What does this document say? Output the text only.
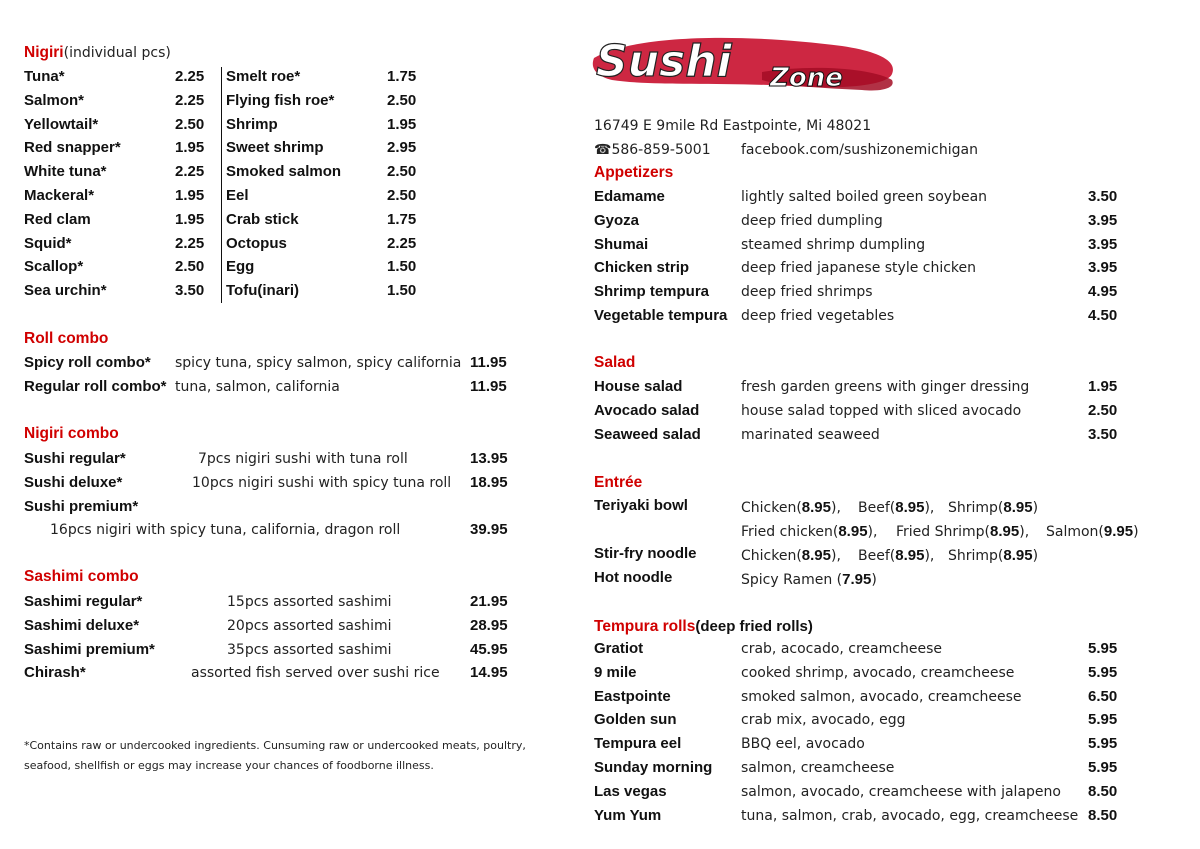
Nigiri(individual pcs)
Tuna*	2.25
Salmon*	2.25
Yellowtail*	2.50
Red snapper*	1.95
White tuna*	2.25
Mackeral*	1.95
Red clam	1.95
Squid*	2.25
Scallop*	2.50
Sea urchin*	3.50
Smelt roe*	1.75
Flying fish roe*	2.50
Shrimp	1.95
Sweet shrimp	2.95
Smoked salmon	2.50
Eel	2.50
Crab stick	1.75
Octopus	2.25
Egg	1.50
Tofu(inari)	1.50
Roll combo
Spicy roll combo* spicy tuna, spicy salmon, spicy california 11.95
Regular roll combo* tuna, salmon, california	11.95
Nigiri combo
Sushi regular*	7pcs nigiri sushi with tuna roll	13.95
Sushi deluxe*	10pcs nigiri sushi with spicy tuna roll 18.95
Sushi premium*
16pcs nigiri with spicy tuna, california, dragon roll	39.95
Sashimi combo
Sashimi regular*	15pcs assorted sashimi	21.95
Sashimi deluxe*	20pcs assorted sashimi	28.95
Sashimi premium*	35pcs assorted sashimi	45.95
Chirash*	assorted fish served over sushi rice 14.95
*Contains raw or undercooked ingredients. Cunsuming raw or undercooked meats, poultry,
seafood, shellfish or eggs may increase your chances of foodborne illness.
Sushi Zone
16749 E 9mile Rd Eastpointe, Mi 48021
☎586-859-5001 facebook.com/sushizonemichigan
Appetizers
Edamame	lightly salted boiled green soybean	3.50
Gyoza	deep fried dumpling	3.95
Shumai	steamed shrimp dumpling	3.95
Chicken strip	deep fried japanese style chicken	3.95
Shrimp tempura deep fried shrimps	4.95
Vegetable tempura deep fried vegetables	4.50
Salad
House salad	fresh garden greens with ginger dressing	1.95
Avocado salad	house salad topped with sliced avocado	2.50
Seaweed salad	marinated seaweed	3.50
Entrée
Teriyaki bowl	Chicken(8.95), Beef(8.95), Shrimp(8.95)
Fried chicken(8.95), Fried Shrimp(8.95), Salmon(9.95)
Stir-fry noodle	Chicken(8.95), Beef(8.95), Shrimp(8.95)
Hot noodle	Spicy Ramen (7.95)
Tempura rolls(deep fried rolls)
Gratiot	crab, acocado, creamcheese	5.95
9 mile	cooked shrimp, avocado, creamcheese	5.95
Eastpointe	smoked salmon, avocado, creamcheese	6.50
Golden sun	crab mix, avocado, egg	5.95
Tempura eel	BBQ eel, avocado	5.95
Sunday morning salmon, creamcheese	5.95
Las vegas	salmon, avocado, creamcheese with jalapeno 8.50
Yum Yum	tuna, salmon, crab, avocado, egg, creamcheese 8.50
